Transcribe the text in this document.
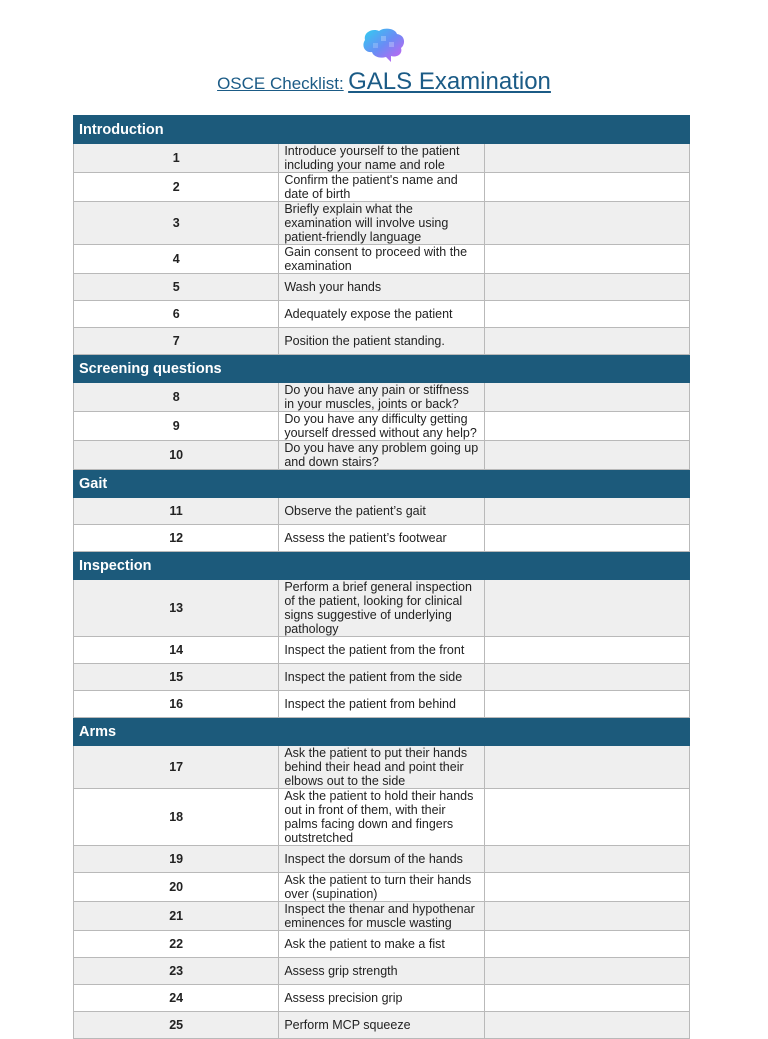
OSCE Checklist: GALS Examination
Introduction		
1	Introduce yourself to the patient including your name and role	
2	Confirm the patient's name and date of birth	
3	Briefly explain what the examination will involve using patient-friendly language	
4	Gain consent to proceed with the examination	
5	Wash your hands	
6	Adequately expose the patient	
7	Position the patient standing.	
Screening questions		
8	Do you have any pain or stiffness in your muscles, joints or back?	
9	Do you have any difficulty getting yourself dressed without any help?	
10	Do you have any problem going up and down stairs?	
Gait		
11	Observe the patient’s gait	
12	Assess the patient’s footwear	
Inspection		
13	Perform a brief general inspection of the patient, looking for clinical signs suggestive of underlying pathology	
14	Inspect the patient from the front	
15	Inspect the patient from the side	
16	Inspect the patient from behind	
Arms		
17	Ask the patient to put their hands behind their head and point their elbows out to the side	
18	Ask the patient to hold their hands out in front of them, with their palms facing down and fingers outstretched	
19	Inspect the dorsum of the hands	
20	Ask the patient to turn their hands over (supination)	
21	Inspect the thenar and hypothenar eminences for muscle wasting	
22	Ask the patient to make a fist	
23	Assess grip strength	
24	Assess precision grip	
25	Perform MCP squeeze	
